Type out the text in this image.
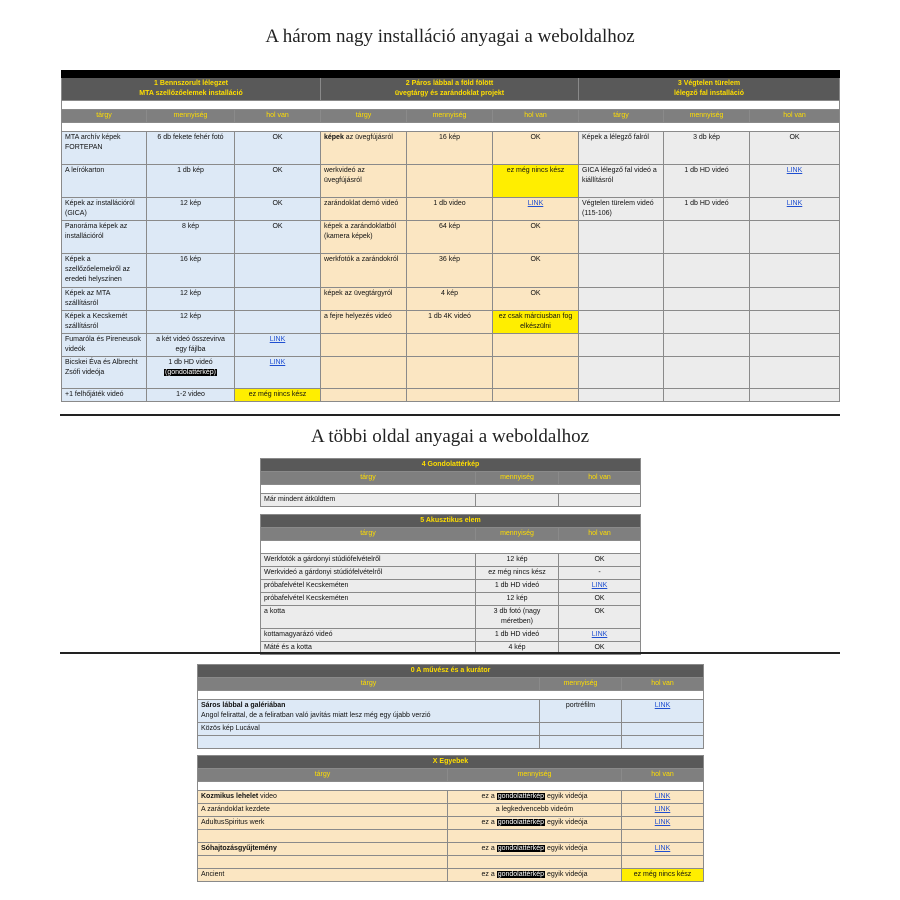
A három nagy installáció anyagai a weboldalhoz

1 Bennszorult lélegzet
MTA szellőzőelemek installáció			2 Páros lábbal a föld fölött
üvegtárgy és zarándoklat projekt			3 Végtelen türelem
lélegző fal installáció		

tárgy	mennyiség	hol van	tárgy	mennyiség	hol van	tárgy	mennyiség	hol van

MTA archív képek FORTEPAN	6 db fekete fehér fotó	OK	képek az üvegfújásról	16 kép	OK	Képek a lélegző falról	3 db kép	OK
A leírókarton	1 db kép	OK	werkvideó az üvegfújásról		ez még nincs kész	GICA lélegző fal videó a kiállításról	1 db HD videó	LINK
Képek az installációról (GICA)	12 kép	OK	zarándoklat demó videó	1 db video	LINK	Végtelen türelem videó (115-106)	1 db HD videó	LINK
Panoráma képek az installációról	8 kép	OK	képek a zarándoklatból (kamera képek)	64 kép	OK			
Képek a szellőzőelemekről az eredeti helyszínen	16 kép		werkfotók a zarándokról	36 kép	OK			
Képek az MTA szállításról	12 kép		képek az üvegtárgyról	4 kép	OK			
Képek a Kecskemét szállításról	12 kép		a fejre helyezés videó	1 db 4K videó	ez csak márciusban fog elkészülni			
Fumaróla és Pireneusok videók	a két videó összevirva egy fájlba	LINK						
Bicskei Éva és Albrecht Zsófi videója	1 db HD videó
(gondolattérkép)	LINK						
+1 felhőjáték videó	1-2 video	ez még nincs kész						
A többi oldal anyagai a weboldalhoz
4 Gondolattérkép		
tárgy	mennyiség	hol van

Már mindent átküldtem		
5 Akusztikus elem		
tárgy	mennyiség	hol van

Werkfotók a gárdonyi stúdiófelvételről	12 kép	OK
Werkvideó a gárdonyi stúdiófelvételről	ez még nincs kész	-
próbafelvétel Kecskeméten	1 db HD videó	LINK
próbafelvétel Kecskeméten	12 kép	OK
a kotta	3 db fotó (nagy méretben)	OK
kottamagyarázó videó	1 db HD videó	LINK
Máté és a kotta	4 kép	OK
0 A művész és a kurátor		
tárgy	mennyiség	hol van

Sáros lábbal a galériában
Angol felirattal, de a feliratban való javítás miatt lesz még egy újabb verzió	portréfilm	LINK
Közös kép Lucával		

X Egyebek		
tárgy	mennyiség	hol van

Kozmikus lehelet video	ez a gondolattérkép egyik videója	LINK
A zarándoklat kezdete	a legkedvencebb videóm	LINK
AdultusSpiritus werk	ez a gondolattérkép egyik videója	LINK

Sóhajtozásgyűjtemény	ez a gondolattérkép egyik videója	LINK

Ancient	ez a gondolattérkép egyik videója	ez még nincs kész
